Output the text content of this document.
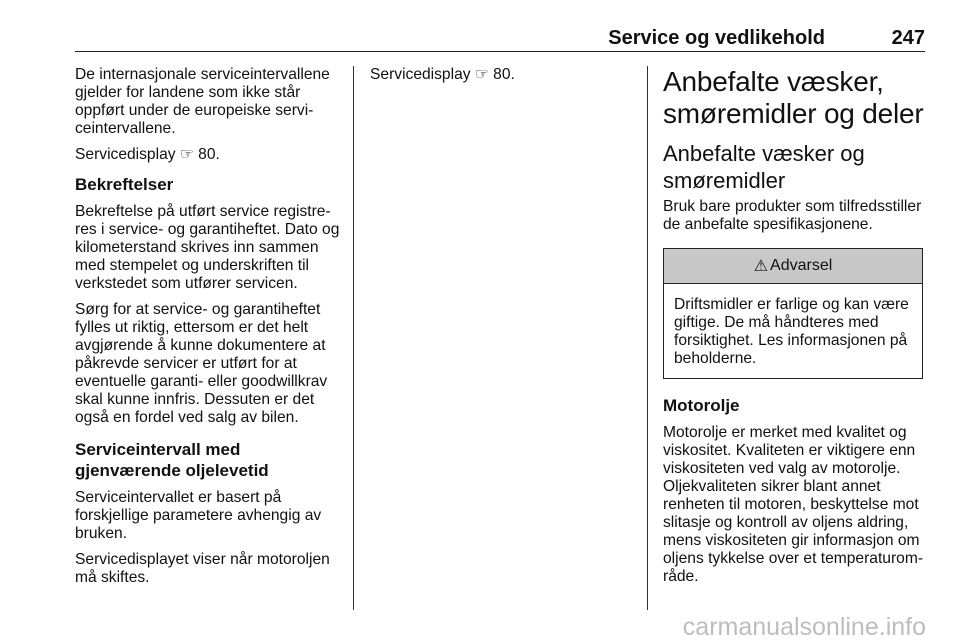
Service og vedlikehold	247

De internasjonale serviceintervallene gjelder for landene som ikke står oppført under de europeiske serviceintervallene.

Servicedisplay ☞ 80.

Bekreftelser

Bekreftelse på utført service registreres i service- og garantiheftet. Dato og kilometerstand skrives inn sammen med stempelet og underskriften til verkstedet som utfører servicen.

Sørg for at service- og garantiheftet fylles ut riktig, ettersom er det helt avgjørende å kunne dokumentere at påkrevde servicer er utført for at eventuelle garanti- eller goodwillkrav skal kunne innfris. Dessuten er det også en fordel ved salg av bilen.

Serviceintervall med gjenværende oljelevetid

Serviceintervallet er basert på forskjellige parametere avhengig av bruken.

Servicedisplayet viser når motoroljen må skiftes.

Servicedisplay ☞ 80.	Anbefalte væsker, smøremidler og deler
Anbefalte væsker og smøremidler

Bruk bare produkter som tilfredsstiller de anbefalte spesifikasjonene.

⚠ Advarsel

Driftsmidler er farlige og kan være giftige. De må håndteres med forsiktighet. Les informasjonen på beholderne.

Motorolje

Motorolje er merket med kvalitet og viskositet. Kvaliteten er viktigere enn viskositeten ved valg av motorolje. Oljekvaliteten sikrer blant annet renheten til motoren, beskyttelse mot slitasje og kontroll av oljens aldring, mens viskositeten gir informasjon om oljens tykkelse over et temperaturområde.

carmanualsonline.info
